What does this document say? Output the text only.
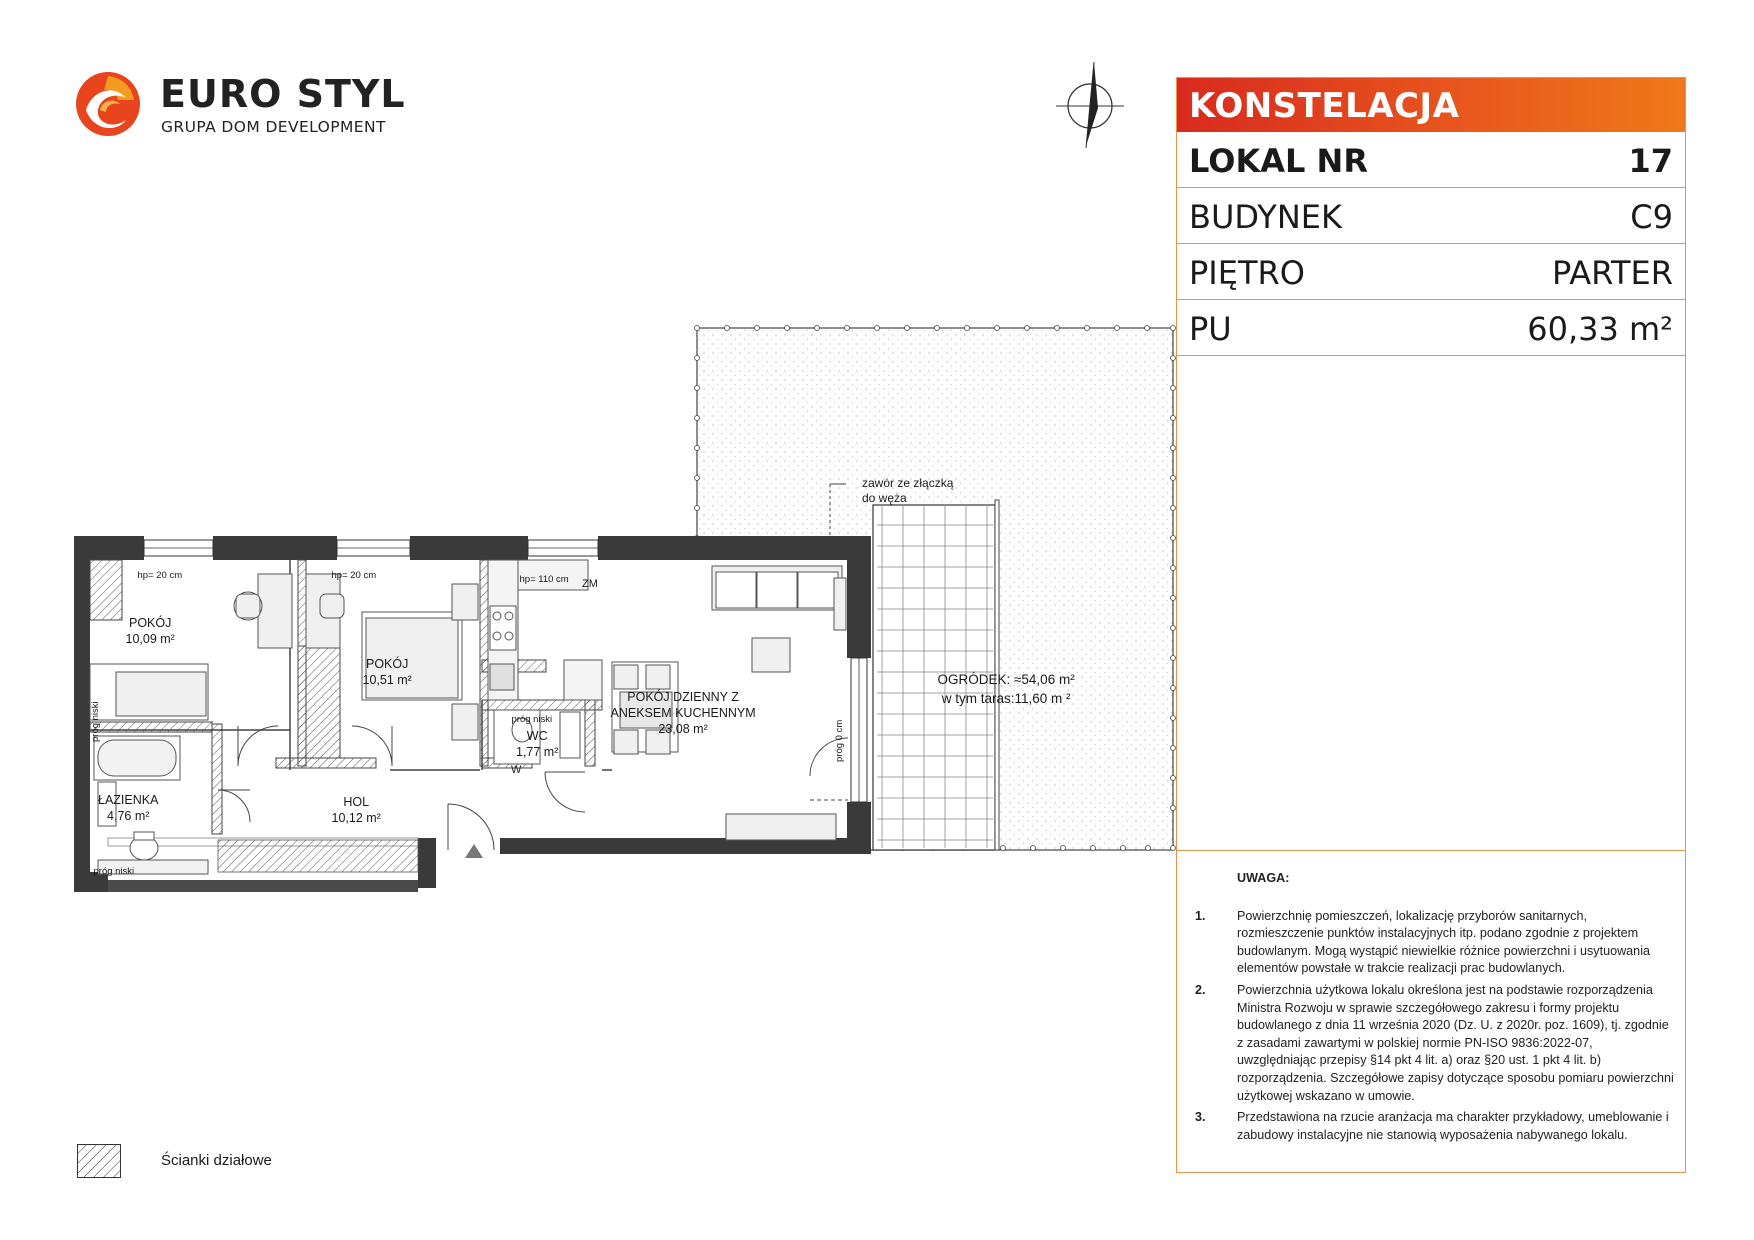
EURO STYL
GRUPA DOM DEVELOPMENT
POKÓJ
10,09 m²
POKÓJ
10,51 m²
POKÓJ DZIENNY Z
ANEKSEM KUCHENNYM
23,08 m²
ŁAZIENKA
4,76 m²
HOL
10,12 m²
WC
1,77 m²
OGRÓDEK: ≈54,06 m²
w tym taras:11,60 m ²
zawór ze złączką
do węża
hp= 20 cm	hp= 20 cm	hp= 110 cm ZM
próg niski
próg niski
próg niski	próg 0 cm
W
KONSTELACJA
LOKAL NR	17
BUDYNEK	C9
PIĘTRO	PARTER
PU	60,33 m²
UWAGA:
1. Powierzchnię pomieszczeń, lokalizację przyborów sanitarnych, rozmieszczenie punktów instalacyjnych itp. podano zgodnie z projektem budowlanym. Mogą wystąpić niewielkie różnice powierzchni i usytuowania elementów powstałe w trakcie realizacji prac budowlanych.
2. Powierzchnia użytkowa lokalu określona jest na podstawie rozporządzenia Ministra Rozwoju w sprawie szczegółowego zakresu i formy projektu budowlanego z dnia 11 września 2020 (Dz. U. z 2020r. poz. 1609), tj. zgodnie z zasadami zawartymi w polskiej normie PN-ISO 9836:2022-07, uwzględniając przepisy §14 pkt 4 lit. a) oraz §20 ust. 1 pkt 4 lit. b) rozporządzenia. Szczegółowe zapisy dotyczące sposobu pomiaru powierzchni użytkowej wskazano w umowie.
3. Przedstawiona na rzucie aranżacja ma charakter przykładowy, umeblowanie i zabudowy instalacyjne nie stanowią wyposażenia nabywanego lokalu.
Ścianki działowe
